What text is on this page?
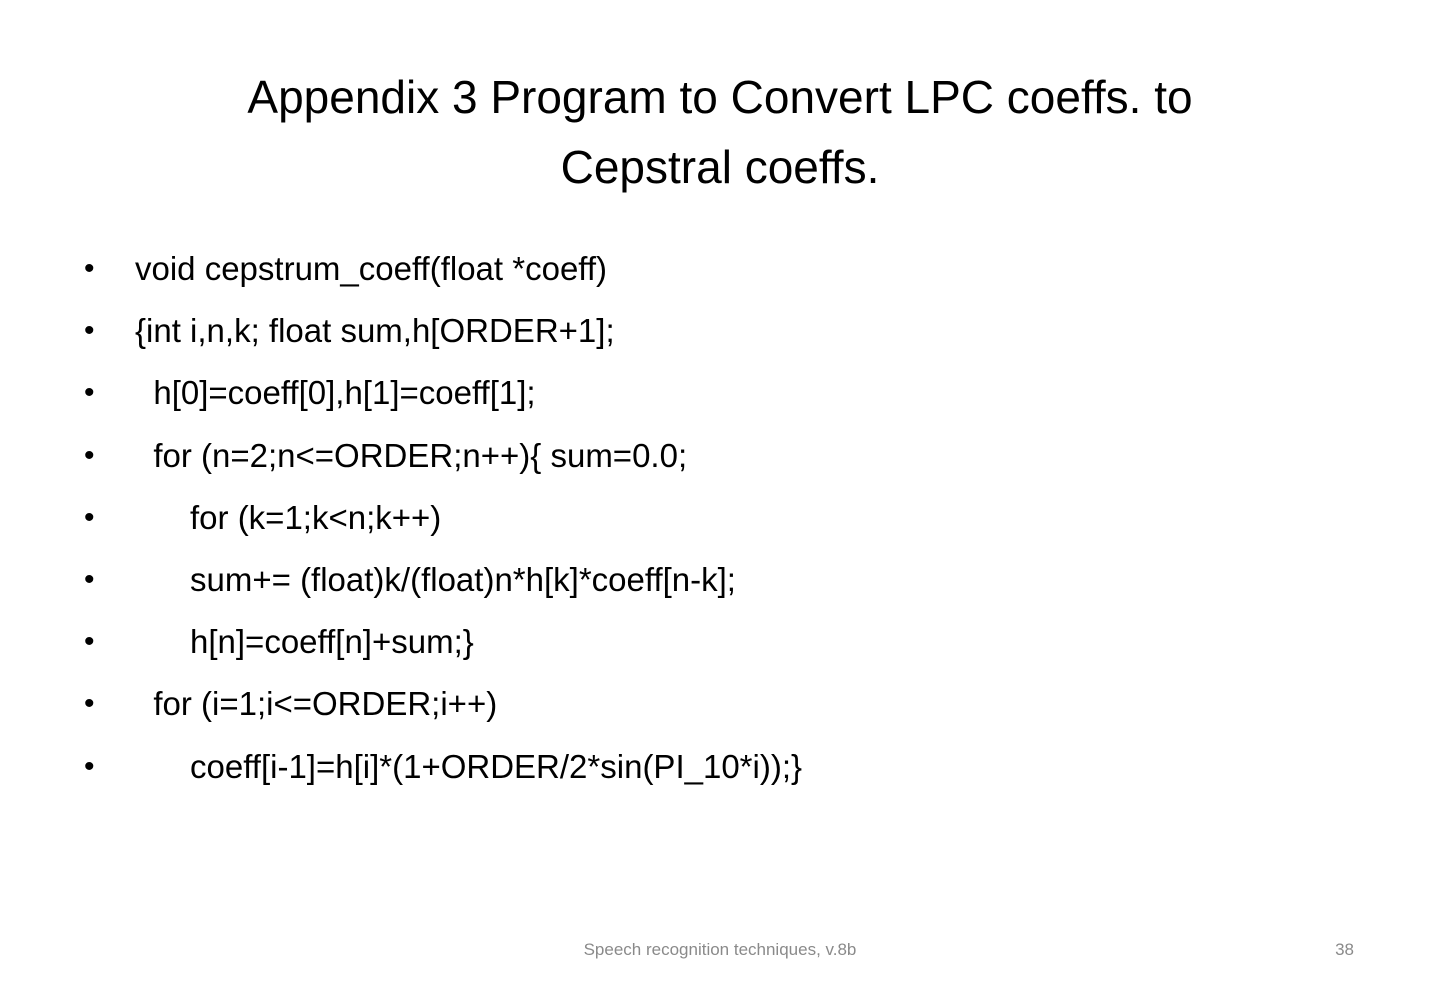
Appendix 3 Program to Convert LPC coeffs. to
Cepstral coeffs.
•	void cepstrum_coeff(float *coeff)
•	{int i,n,k; float sum,h[ORDER+1];
•	h[0]=coeff[0],h[1]=coeff[1];
•	for (n=2;n<=ORDER;n++){ sum=0.0;
•	for (k=1;k<n;k++)
•	sum+= (float)k/(float)n*h[k]*coeff[n-k];
•	h[n]=coeff[n]+sum;}
•	for (i=1;i<=ORDER;i++)
•	coeff[i-1]=h[i]*(1+ORDER/2*sin(PI_10*i));}
Speech recognition techniques, v.8b	38
